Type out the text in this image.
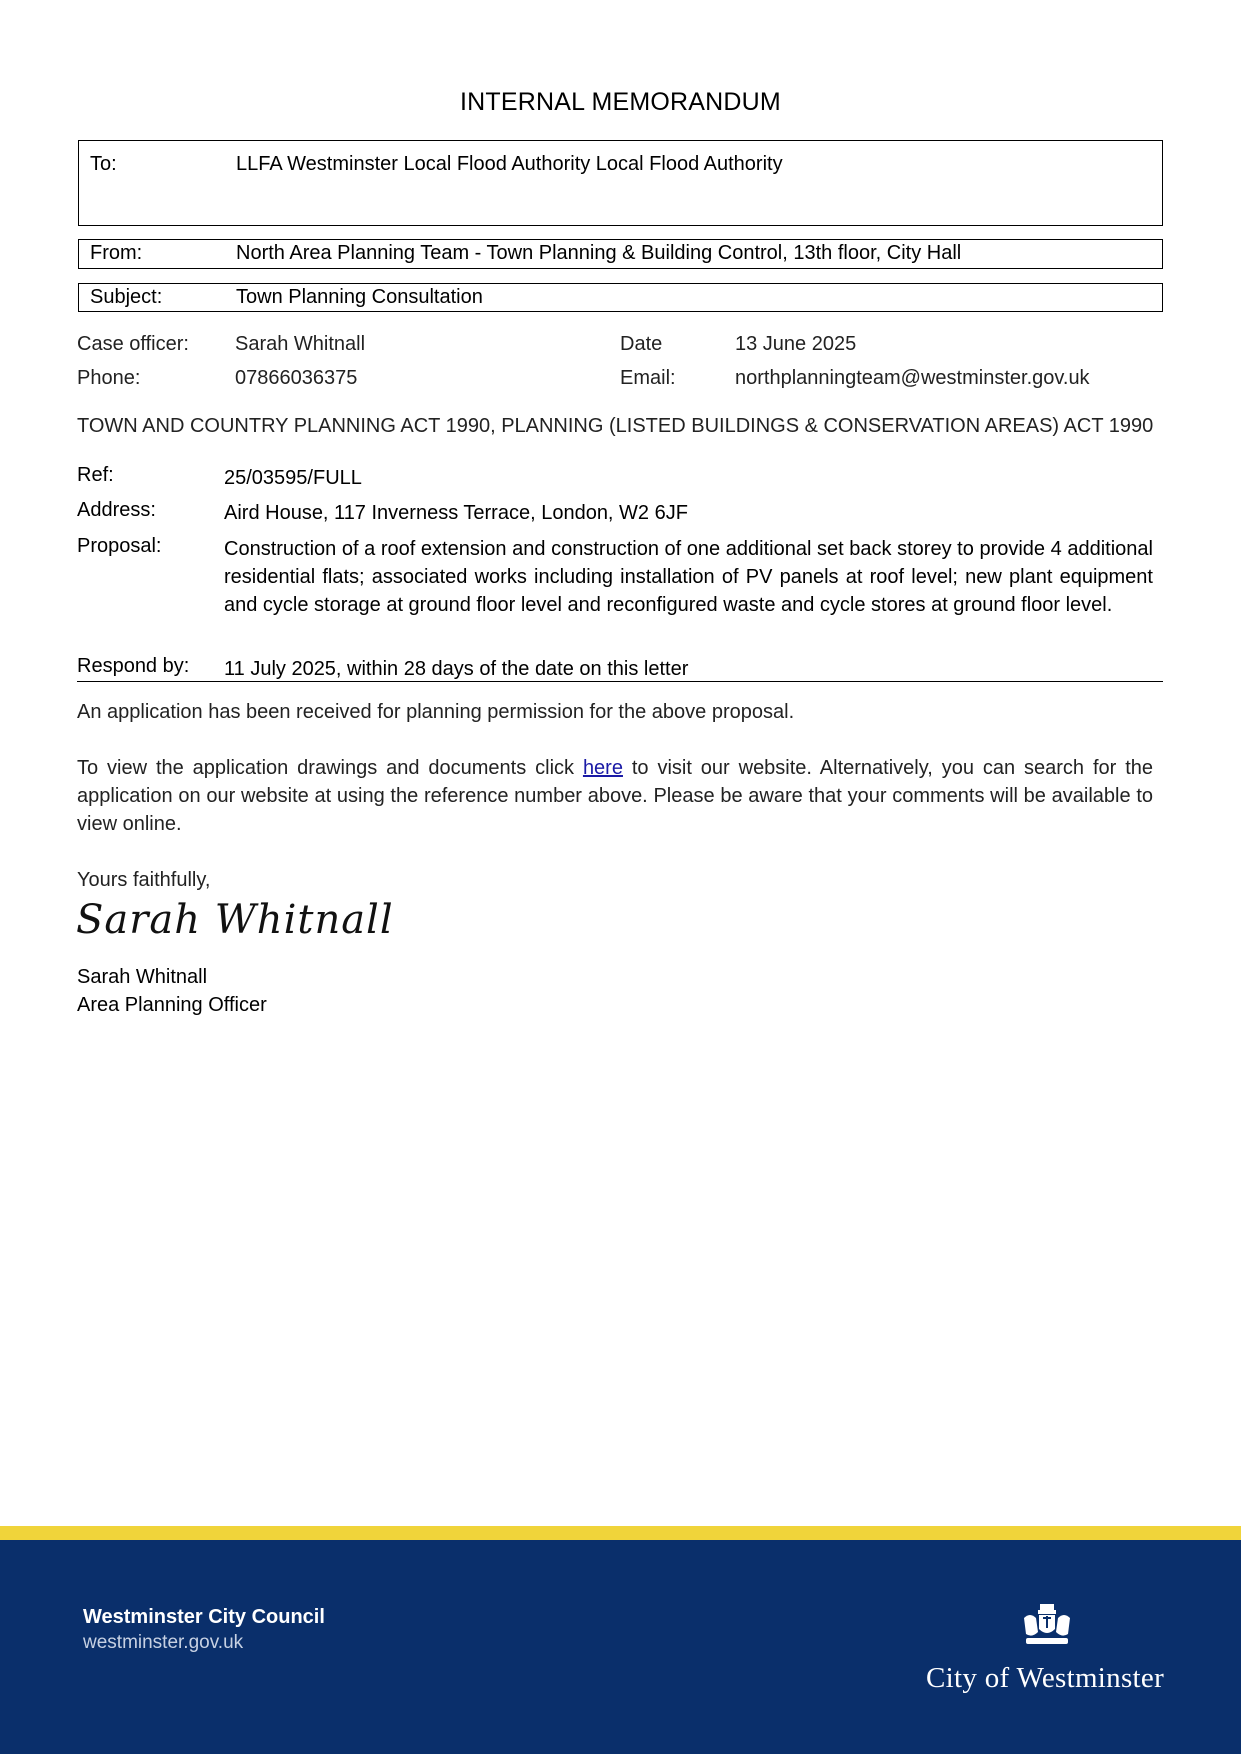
INTERNAL MEMORANDUM
To:	LLFA Westminster Local Flood Authority Local Flood Authority
From:	North Area Planning Team - Town Planning & Building Control, 13th floor, City Hall
Subject:	Town Planning Consultation
Case officer: Sarah Whitnall	Date	13 June 2025
Phone:	07866036375	Email:	northplanningteam@westminster.gov.uk
TOWN AND COUNTRY PLANNING ACT 1990, PLANNING (LISTED BUILDINGS & CONSERVATION AREAS) ACT 1990
Ref:	25/03595/FULL
Address:	Aird House, 117 Inverness Terrace, London, W2 6JF
Proposal:	Construction of a roof extension and construction of one additional set back storey to provide 4 additional residential flats; associated works including installation of PV panels at roof level; new plant equipment and cycle storage at ground floor level and reconfigured waste and cycle stores at ground floor level.
Respond by: 11 July 2025, within 28 days of the date on this letter
An application has been received for planning permission for the above proposal.
To view the application drawings and documents click here to visit our website. Alternatively, you can search for the application on our website at using the reference number above. Please be aware that your comments will be available to view online.
Yours faithfully,
Sarah Whitnall
Sarah Whitnall
Area Planning Officer
Westminster City Council
westminster.gov.uk
City of Westminster
